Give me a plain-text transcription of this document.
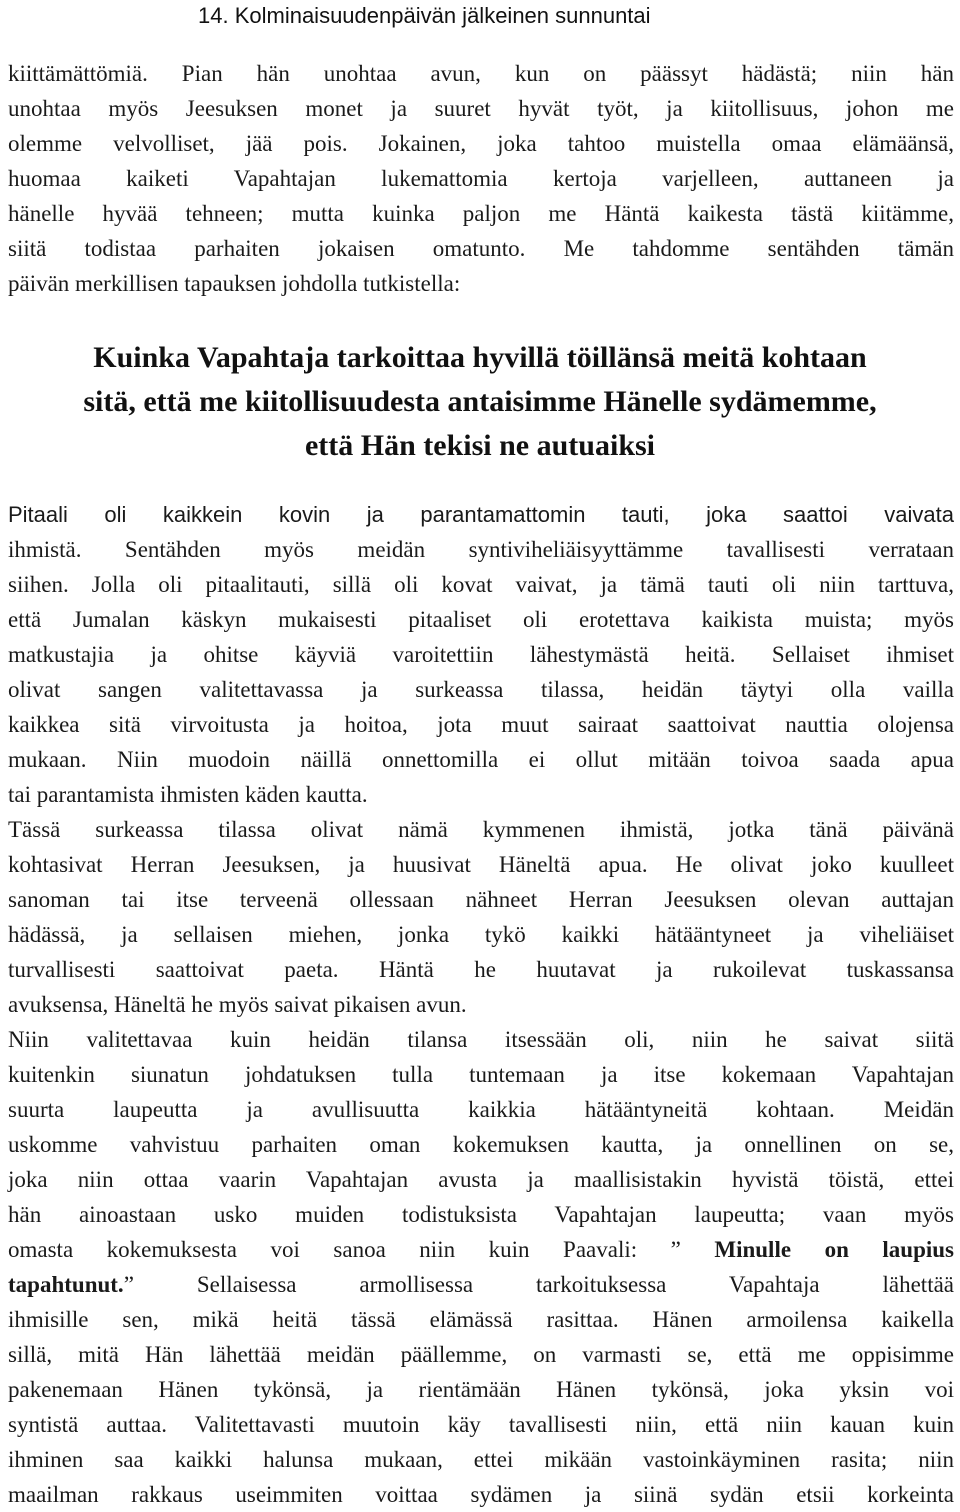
14. Kolminaisuudenpäivän jälkeinen sunnuntai
kiittämättömiä. Pian hän unohtaa avun, kun on päässyt hädästä; niin hän
unohtaa myös Jeesuksen monet ja suuret hyvät työt, ja kiitollisuus, johon me
olemme velvolliset, jää pois. Jokainen, joka tahtoo muistella omaa elämäänsä,
huomaa kaiketi Vapahtajan lukemattomia kertoja varjelleen, auttaneen ja
hänelle hyvää tehneen; mutta kuinka paljon me Häntä kaikesta tästä kiitämme,
siitä todistaa parhaiten jokaisen omatunto. Me tahdomme sentähden tämän
päivän merkillisen tapauksen johdolla tutkistella:
Kuinka Vapahtaja tarkoittaa hyvillä töillänsä meitä kohtaan
sitä, että me kiitollisuudesta antaisimme Hänelle sydämemme,
että Hän tekisi ne autuaiksi
Pitaali oli kaikkein kovin ja parantamattomin tauti, joka saattoi vaivata
ihmistä. Sentähden myös meidän syntiviheliäisyyttämme tavallisesti verrataan
siihen. Jolla oli pitaalitauti, sillä oli kovat vaivat, ja tämä tauti oli niin tarttuva,
että Jumalan käskyn mukaisesti pitaaliset oli erotettava kaikista muista; myös
matkustajia ja ohitse käyviä varoitettiin lähestymästä heitä. Sellaiset ihmiset
olivat sangen valitettavassa ja surkeassa tilassa, heidän täytyi olla vailla
kaikkea sitä virvoitusta ja hoitoa, jota muut sairaat saattoivat nauttia olojensa
mukaan. Niin muodoin näillä onnettomilla ei ollut mitään toivoa saada apua
tai parantamista ihmisten käden kautta.
Tässä surkeassa tilassa olivat nämä kymmenen ihmistä, jotka tänä päivänä
kohtasivat Herran Jeesuksen, ja huusivat Häneltä apua. He olivat joko kuulleet
sanoman tai itse terveenä ollessaan nähneet Herran Jeesuksen olevan auttajan
hädässä, ja sellaisen miehen, jonka tykö kaikki hätääntyneet ja viheliäiset
turvallisesti saattoivat paeta. Häntä he huutavat ja rukoilevat tuskassansa
avuksensa, Häneltä he myös saivat pikaisen avun.
Niin valitettavaa kuin heidän tilansa itsessään oli, niin he saivat siitä
kuitenkin siunatun johdatuksen tulla tuntemaan ja itse kokemaan Vapahtajan
suurta laupeutta ja avullisuutta kaikkia hätääntyneitä kohtaan. Meidän
uskomme vahvistuu parhaiten oman kokemuksen kautta, ja onnellinen on se,
joka niin ottaa vaarin Vapahtajan avusta ja maallisistakin hyvistä töistä, ettei
hän ainoastaan usko muiden todistuksista Vapahtajan laupeutta; vaan myös
omasta kokemuksesta voi sanoa niin kuin Paavali: ” Minulle on laupius
tapahtunut.” Sellaisessa armollisessa tarkoituksessa Vapahtaja lähettää
ihmisille sen, mikä heitä tässä elämässä rasittaa. Hänen armoilensa kaikella
sillä, mitä Hän lähettää meidän päällemme, on varmasti se, että me oppisimme
pakenemaan Hänen tykönsä, ja rientämään Hänen tykönsä, joka yksin voi
syntistä auttaa. Valitettavasti muutoin käy tavallisesti niin, että niin kauan kuin
ihminen saa kaikki halunsa mukaan, ettei mikään vastoinkäyminen rasita; niin
maailman rakkaus useimmiten voittaa sydämen ja siinä sydän etsii korkeinta
